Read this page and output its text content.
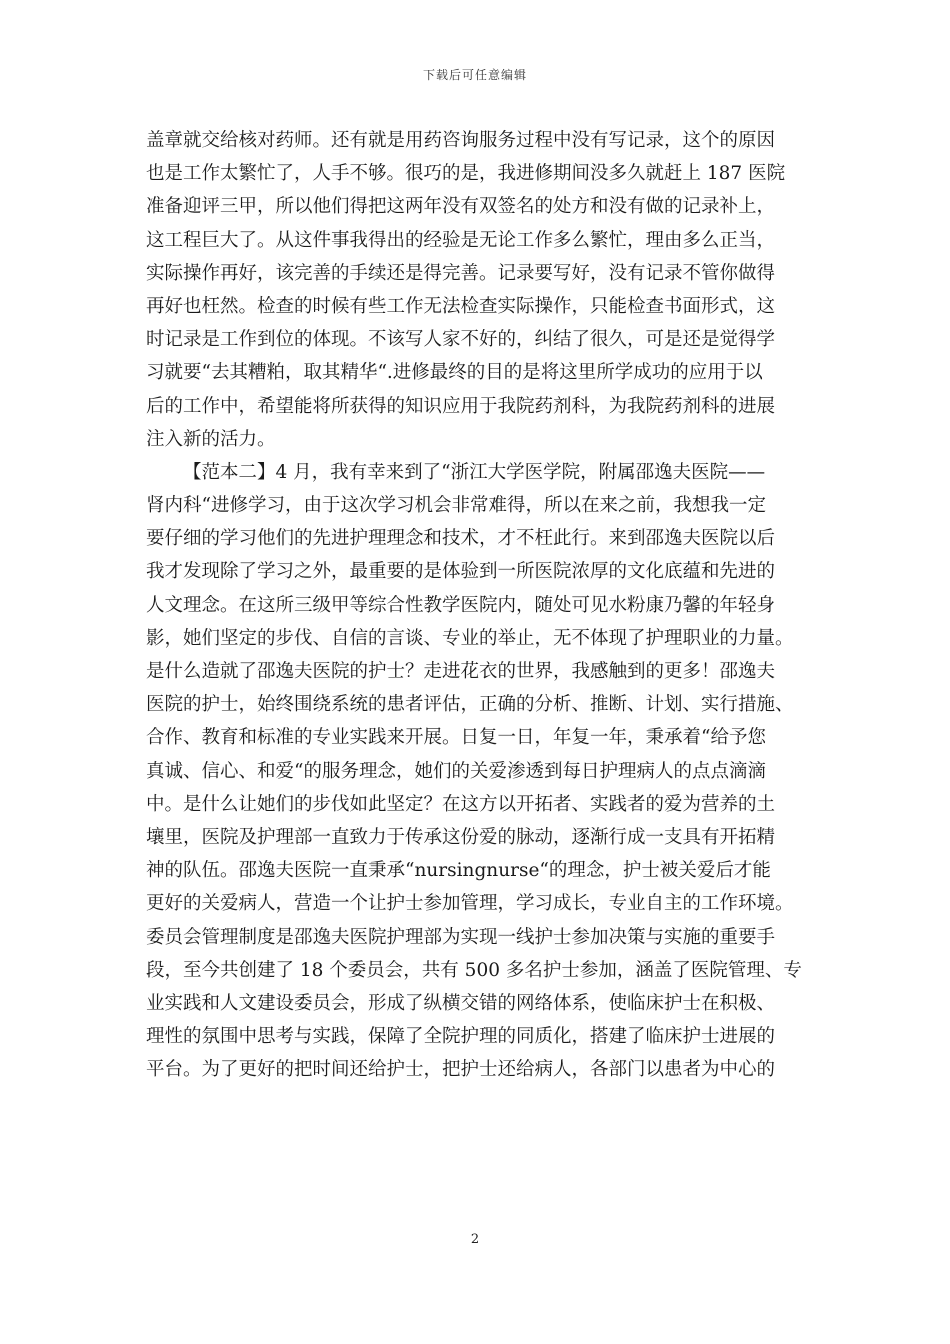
下载后可任意编辑
盖章就交给核对药师。还有就是用药咨询服务过程中没有写记录，这个的原因
也是工作太繁忙了，人手不够。很巧的是，我进修期间没多久就赶上 187 医院
准备迎评三甲，所以他们得把这两年没有双签名的处方和没有做的记录补上，
这工程巨大了。从这件事我得出的经验是无论工作多么繁忙，理由多么正当，
实际操作再好，该完善的手续还是得完善。记录要写好，没有记录不管你做得
再好也枉然。检查的时候有些工作无法检查实际操作，只能检查书面形式，这
时记录是工作到位的体现。不该写人家不好的，纠结了很久，可是还是觉得学
习就要“去其糟粕，取其精华“.进修最终的目的是将这里所学成功的应用于以
后的工作中，希望能将所获得的知识应用于我院药剂科，为我院药剂科的进展
注入新的活力。
【范本二】4 月，我有幸来到了“浙江大学医学院，附属邵逸夫医院——
肾内科“进修学习，由于这次学习机会非常难得，所以在来之前，我想我一定
要仔细的学习他们的先进护理理念和技术，才不枉此行。来到邵逸夫医院以后
我才发现除了学习之外，最重要的是体验到一所医院浓厚的文化底蕴和先进的
人文理念。在这所三级甲等综合性教学医院内，随处可见水粉康乃馨的年轻身
影，她们坚定的步伐、自信的言谈、专业的举止，无不体现了护理职业的力量。
是什么造就了邵逸夫医院的护士？走进花衣的世界，我感触到的更多！邵逸夫
医院的护士，始终围绕系统的患者评估，正确的分析、推断、计划、实行措施、
合作、教育和标准的专业实践来开展。日复一日，年复一年，秉承着“给予您
真诚、信心、和爱“的服务理念，她们的关爱渗透到每日护理病人的点点滴滴
中。是什么让她们的步伐如此坚定？在这方以开拓者、实践者的爱为营养的土
壤里，医院及护理部一直致力于传承这份爱的脉动，逐渐行成一支具有开拓精
神的队伍。邵逸夫医院一直秉承“nursingnurse“的理念，护士被关爱后才能
更好的关爱病人，营造一个让护士参加管理，学习成长，专业自主的工作环境。
委员会管理制度是邵逸夫医院护理部为实现一线护士参加决策与实施的重要手
段，至今共创建了 18 个委员会，共有 500 多名护士参加，涵盖了医院管理、专
业实践和人文建设委员会，形成了纵横交错的网络体系，使临床护士在积极、
理性的氛围中思考与实践，保障了全院护理的同质化，搭建了临床护士进展的
平台。为了更好的把时间还给护士，把护士还给病人，各部门以患者为中心的
2
